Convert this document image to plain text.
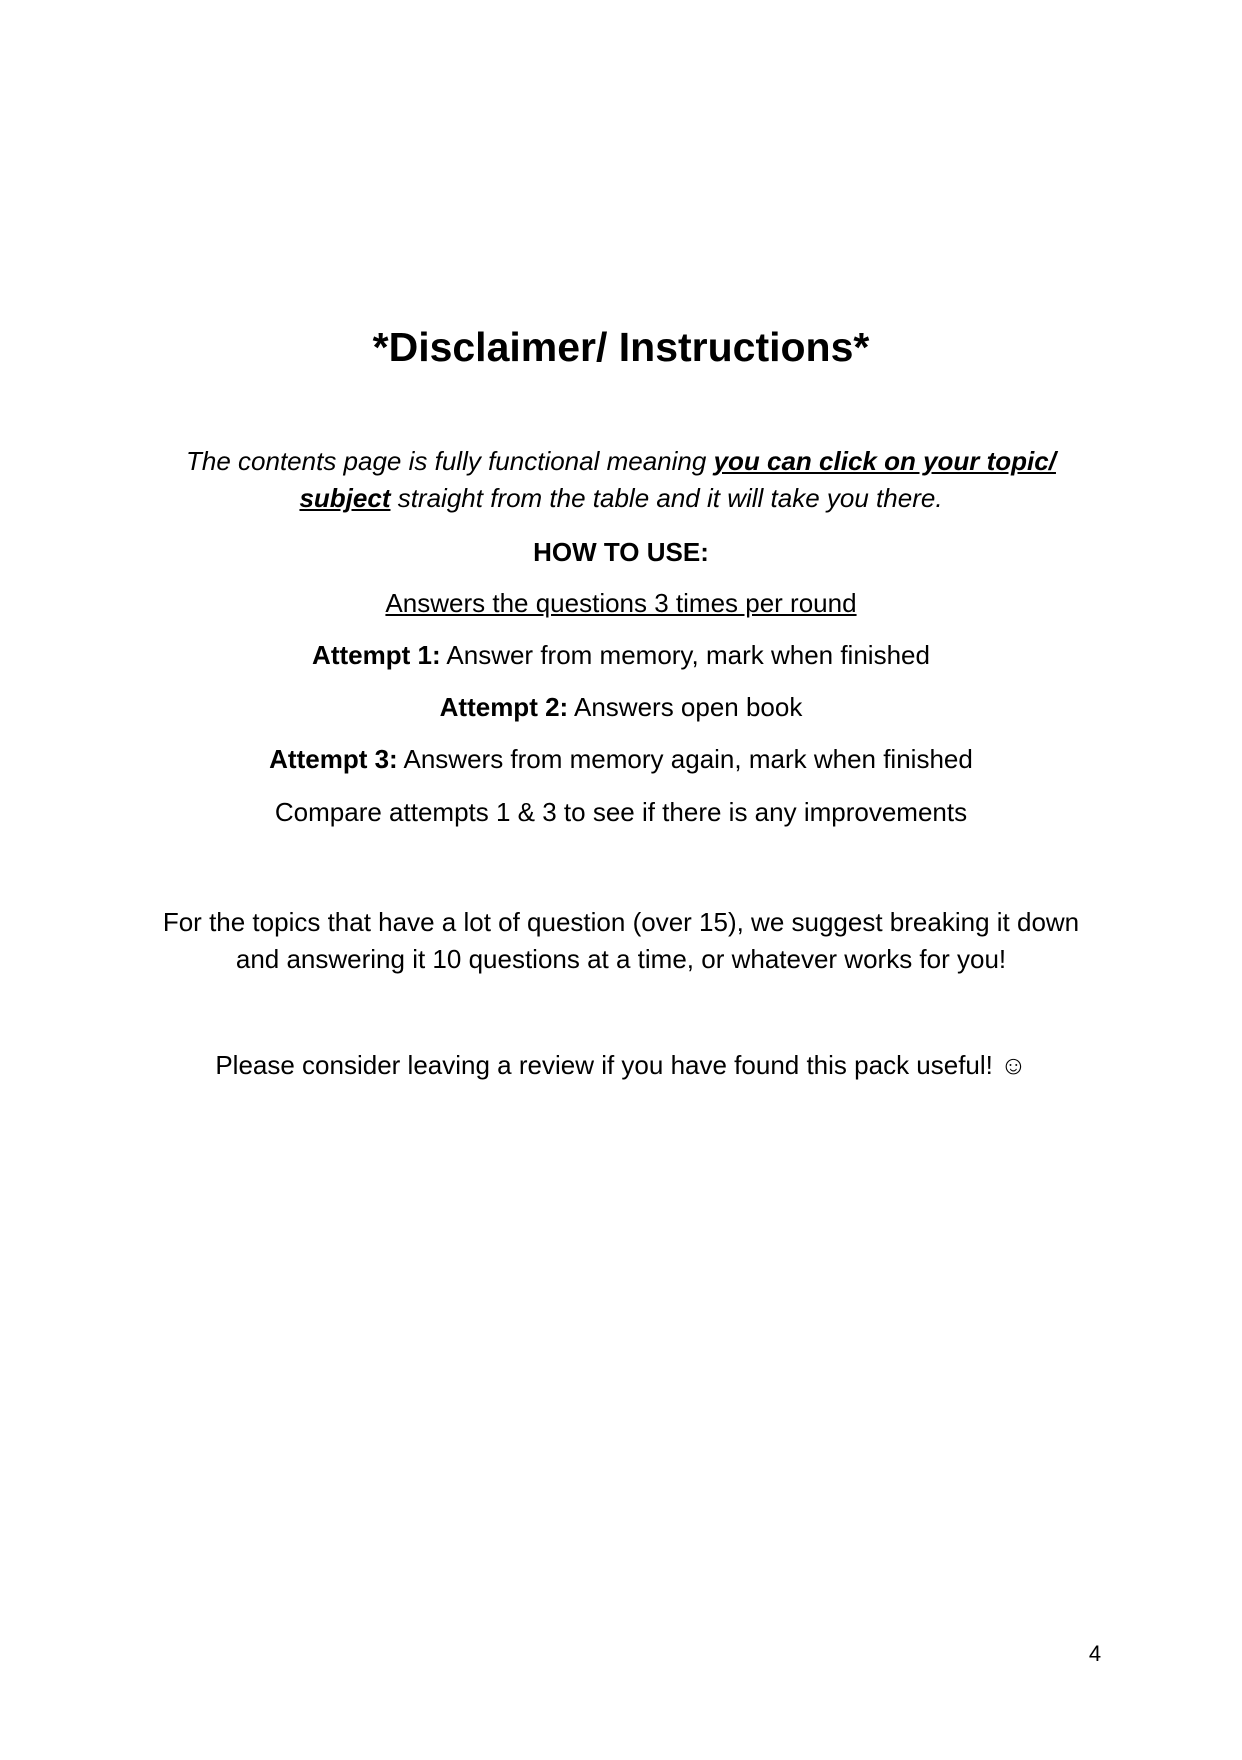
*Disclaimer/ Instructions*
The contents page is fully functional meaning you can click on your topic/ subject straight from the table and it will take you there.
HOW TO USE:
Answers the questions 3 times per round
Attempt 1: Answer from memory, mark when finished
Attempt 2: Answers open book
Attempt 3: Answers from memory again, mark when finished
Compare attempts 1 & 3 to see if there is any improvements
For the topics that have a lot of question (over 15), we suggest breaking it down and answering it 10 questions at a time, or whatever works for you!
Please consider leaving a review if you have found this pack useful! ☺
4
